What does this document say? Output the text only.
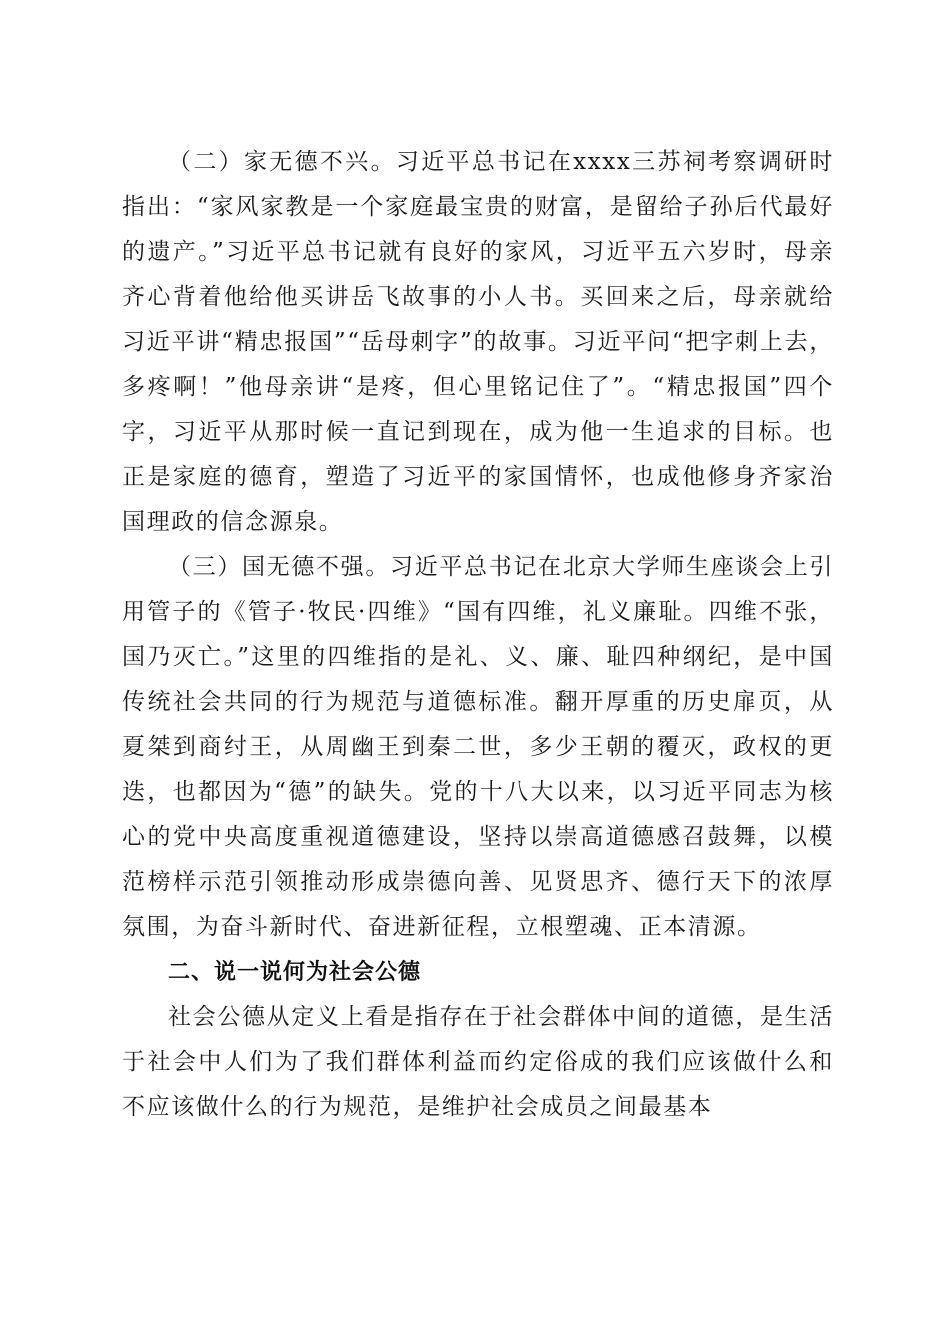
（二）家无德不兴。习近平总书记在xxxx三苏祠考察调研时指出：“家风家教是一个家庭最宝贵的财富，是留给子孙后代最好的遗产。”习近平总书记就有良好的家风，习近平五六岁时，母亲齐心背着他给他买讲岳飞故事的小人书。买回来之后，母亲就给习近平讲“精忠报国”“岳母刺字”的故事。习近平问“把字刺上去，多疼啊！”他母亲讲“是疼，但心里铭记住了”。“精忠报国”四个字，习近平从那时候一直记到现在，成为他一生追求的目标。也正是家庭的德育，塑造了习近平的家国情怀，也成他修身齐家治国理政的信念源泉。

（三）国无德不强。习近平总书记在北京大学师生座谈会上引用管子的《管子·牧民·四维》“国有四维，礼义廉耻。四维不张，国乃灭亡。”这里的四维指的是礼、义、廉、耻四种纲纪，是中国传统社会共同的行为规范与道德标准。翻开厚重的历史扉页，从夏桀到商纣王，从周幽王到秦二世，多少王朝的覆灭，政权的更迭，也都因为“德”的缺失。党的十八大以来，以习近平同志为核心的党中央高度重视道德建设，坚持以崇高道德感召鼓舞，以模范榜样示范引领推动形成崇德向善、见贤思齐、德行天下的浓厚氛围，为奋斗新时代、奋进新征程，立根塑魂、正本清源。

二、说一说何为社会公德

社会公德从定义上看是指存在于社会群体中间的道德，是生活于社会中人们为了我们群体利益而约定俗成的我们应该做什么和不应该做什么的行为规范，是维护社会成员之间最基本
